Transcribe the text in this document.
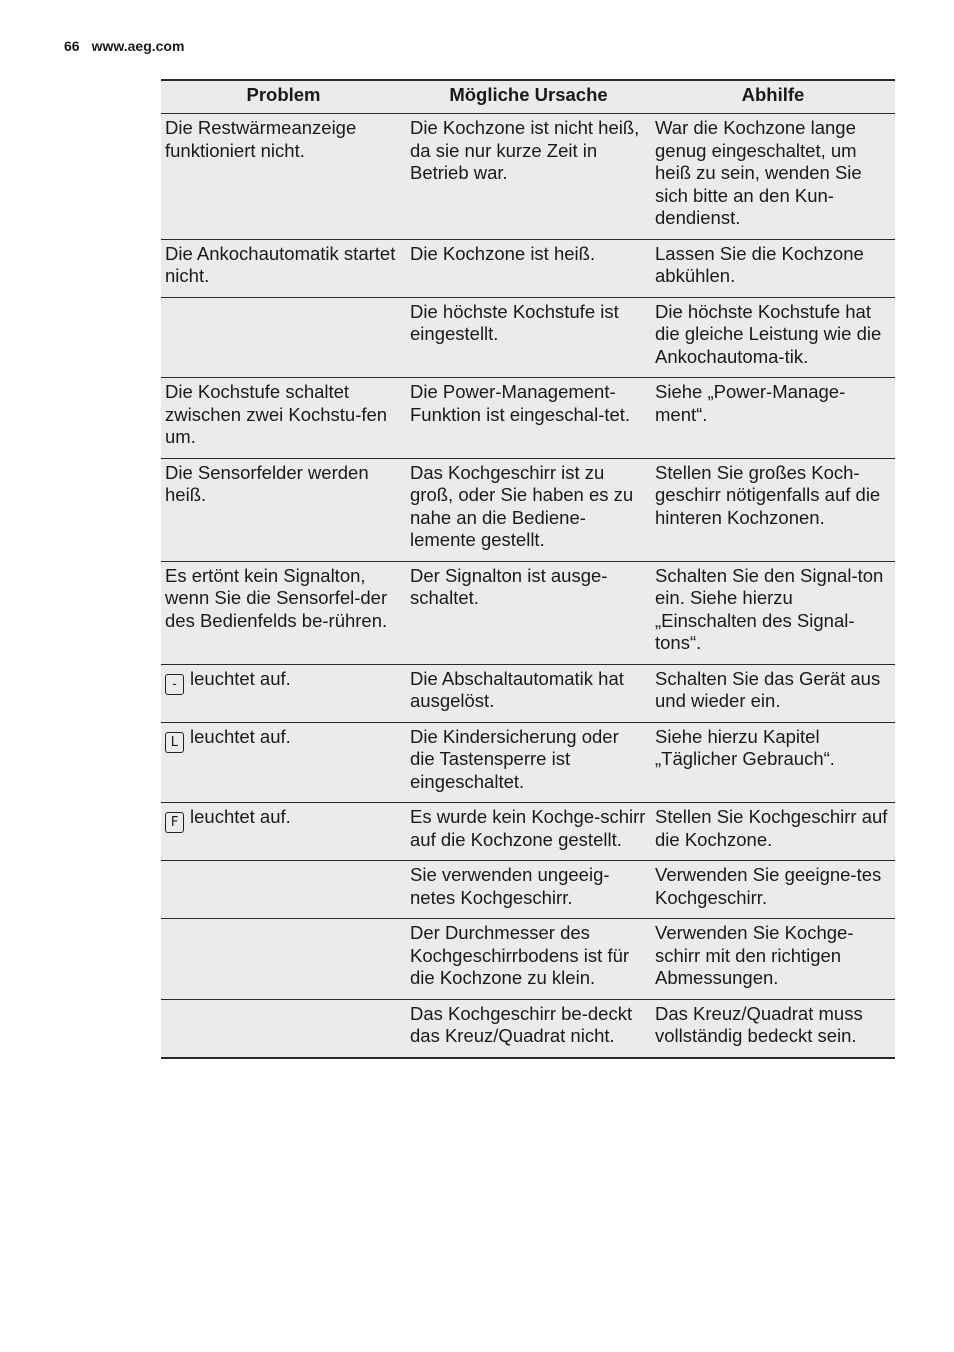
66 www.aeg.com
Problem	Mögliche Ursache	Abhilfe
Die Restwärmeanzeige funktioniert nicht.	Die Kochzone ist nicht heiß, da sie nur kurze Zeit in Betrieb war.	War die Kochzone lange genug eingeschaltet, um heiß zu sein, wenden Sie sich bitte an den Kun-dendienst.
Die Ankochautomatik startet nicht.	Die Kochzone ist heiß.	Lassen Sie die Kochzone abkühlen.
	Die höchste Kochstufe ist eingestellt.	Die höchste Kochstufe hat die gleiche Leistung wie die Ankochautoma-tik.
Die Kochstufe schaltet zwischen zwei Kochstu-fen um.	Die Power-Management-Funktion ist eingeschal-tet.	Siehe „Power-Manage-ment“.
Die Sensorfelder werden heiß.	Das Kochgeschirr ist zu groß, oder Sie haben es zu nahe an die Bediene-lemente gestellt.	Stellen Sie großes Koch-geschirr nötigenfalls auf die hinteren Kochzonen.
Es ertönt kein Signalton, wenn Sie die Sensorfel-der des Bedienfelds be-rühren.	Der Signalton ist ausge-schaltet.	Schalten Sie den Signal-ton ein. Siehe hierzu „Einschalten des Signal-tons“.
- leuchtet auf.	Die Abschaltautomatik hat ausgelöst.	Schalten Sie das Gerät aus und wieder ein.
L leuchtet auf.	Die Kindersicherung oder die Tastensperre ist eingeschaltet.	Siehe hierzu Kapitel „Täglicher Gebrauch“.
F leuchtet auf.	Es wurde kein Kochge-schirr auf die Kochzone gestellt.	Stellen Sie Kochgeschirr auf die Kochzone.
	Sie verwenden ungeeig-netes Kochgeschirr.	Verwenden Sie geeigne-tes Kochgeschirr.
	Der Durchmesser des Kochgeschirrbodens ist für die Kochzone zu klein.	Verwenden Sie Kochge-schirr mit den richtigen Abmessungen.
	Das Kochgeschirr be-deckt das Kreuz/Quadrat nicht.	Das Kreuz/Quadrat muss vollständig bedeckt sein.
